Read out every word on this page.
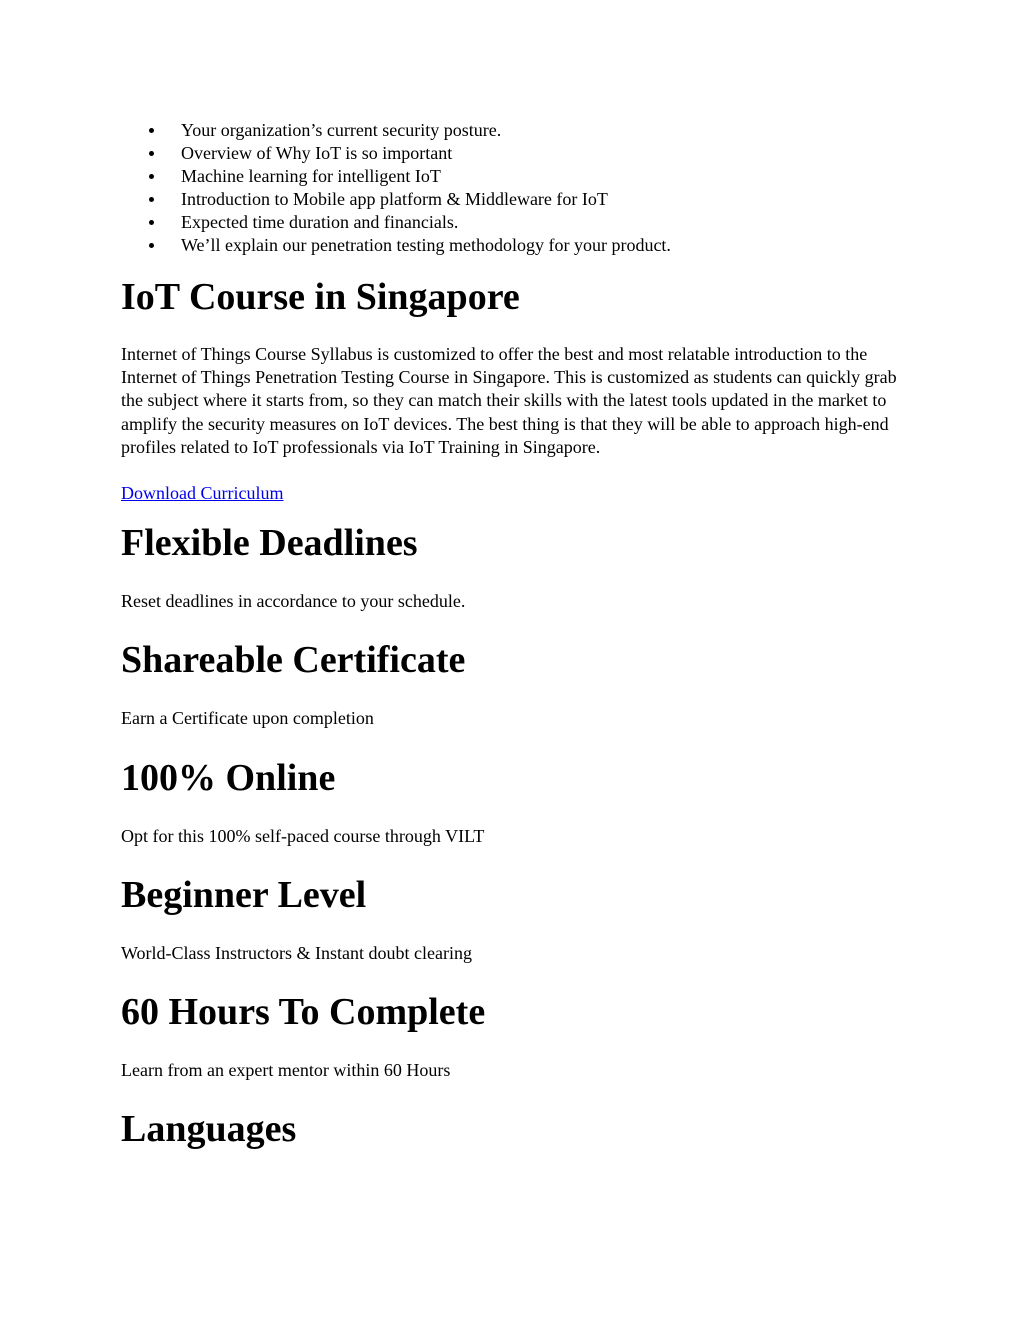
Your organization’s current security posture.
Overview of Why IoT is so important
Machine learning for intelligent IoT
Introduction to Mobile app platform & Middleware for IoT
Expected time duration and financials.
We’ll explain our penetration testing methodology for your product.
IoT Course in Singapore

Internet of Things Course Syllabus is customized to offer the best and most relatable introduction to the Internet of Things Penetration Testing Course in Singapore. This is customized as students can quickly grab the subject where it starts from, so they can match their skills with the latest tools updated in the market to amplify the security measures on IoT devices. The best thing is that they will be able to approach high-end profiles related to IoT professionals via IoT Training in Singapore.

Download Curriculum

Flexible Deadlines

Reset deadlines in accordance to your schedule.

Shareable Certificate

Earn a Certificate upon completion

100% Online

Opt for this 100% self-paced course through VILT

Beginner Level

World-Class Instructors & Instant doubt clearing

60 Hours To Complete

Learn from an expert mentor within 60 Hours

Languages
